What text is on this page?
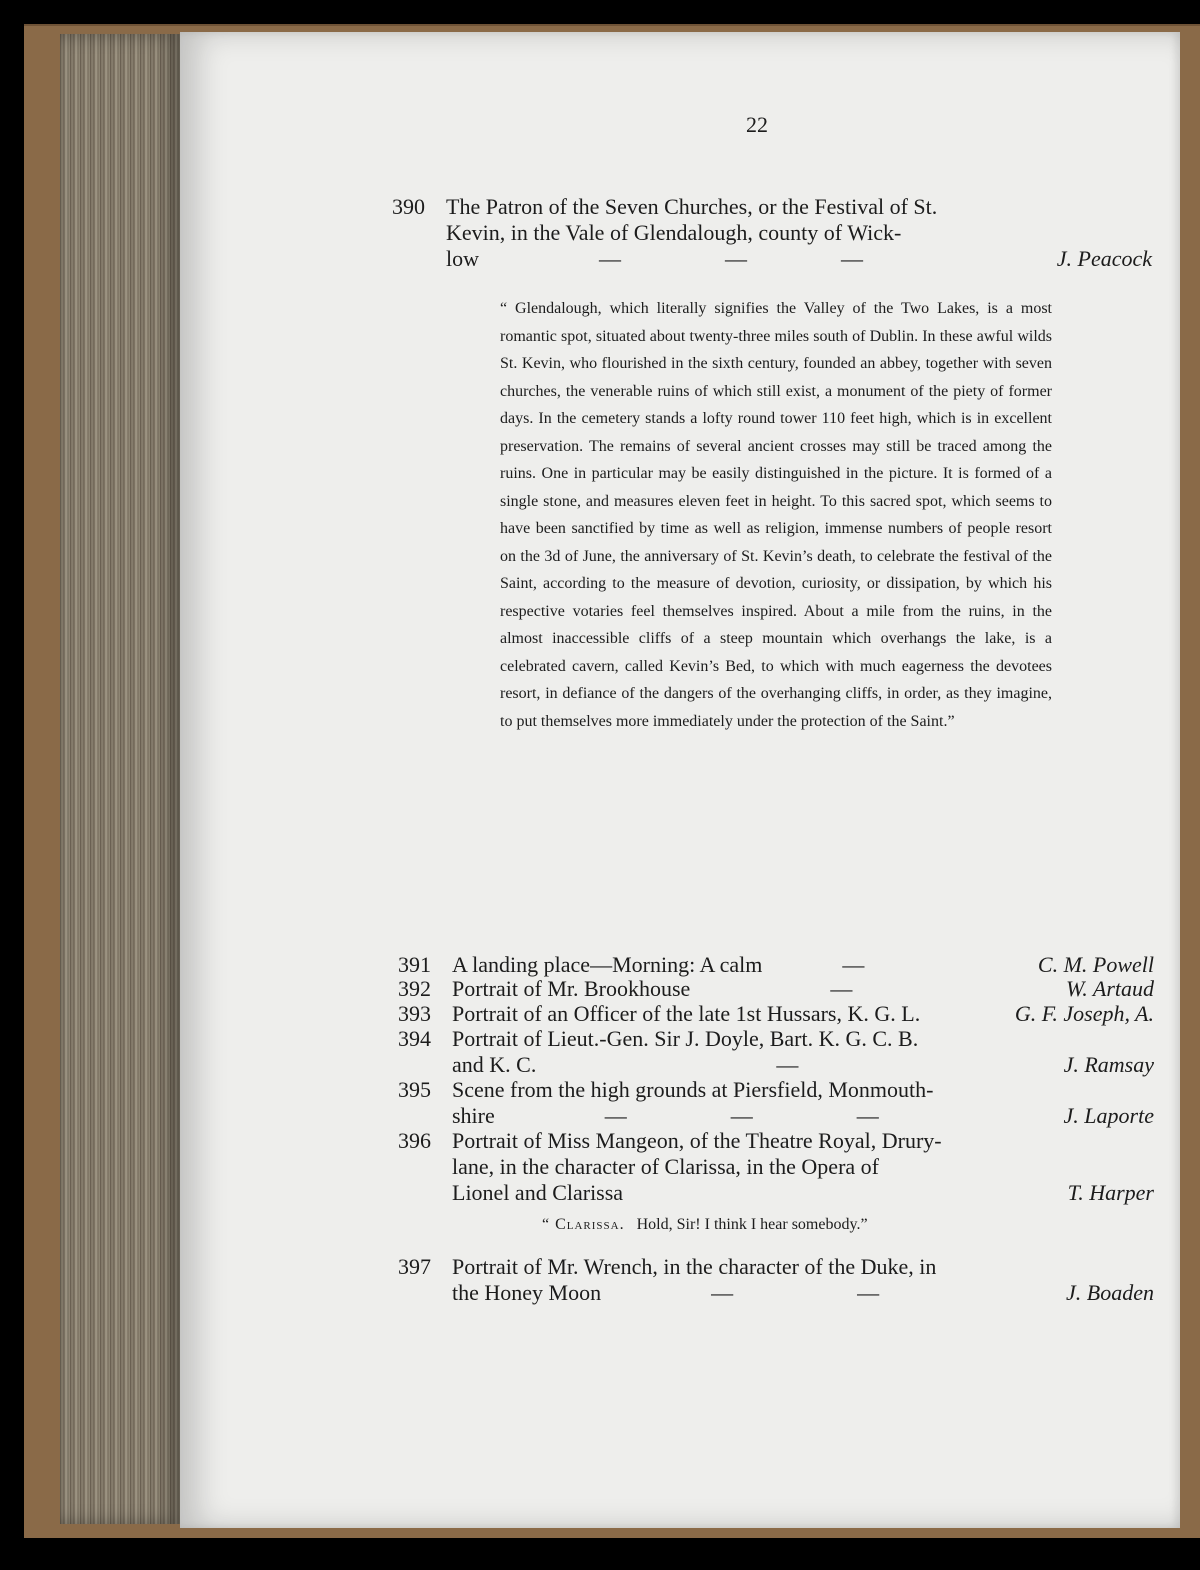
22
390 The Patron of the Seven Churches, or the Festival of St.
Kevin, in the Vale of Glendalough, county of Wick-
low	—	—	—	J. Peacock

“ Glendalough, which literally signifies the Valley of the Two Lakes, is a most romantic spot, situated about twenty-three miles south of Dublin. In these awful wilds St. Kevin, who flourished in the sixth century, founded an abbey, together with seven churches, the venerable ruins of which still exist, a monument of the piety of former days. In the cemetery stands a lofty round tower 110 feet high, which is in excellent preservation. The remains of several ancient crosses may still be traced among the ruins. One in particular may be easily distinguished in the picture. It is formed of a single stone, and measures eleven feet in height. To this sacred spot, which seems to have been sanctified by time as well as religion, immense numbers of people resort on the 3d of June, the anniversary of St. Kevin’s death, to celebrate the festival of the Saint, according to the measure of devotion, curiosity, or dissipation, by which his respective votaries feel themselves inspired. About a mile from the ruins, in the almost inaccessible cliffs of a steep mountain which overhangs the lake, is a celebrated cavern, called Kevin’s Bed, to which with much eagerness the devotees resort, in defiance of the dangers of the overhanging cliffs, in order, as they imagine, to put themselves more immediately under the protection of the Saint.”

391 A landing place—Morning: A calm	—	C. M. Powell
392 Portrait of Mr. Brookhouse	—	W. Artaud
393 Portrait of an Officer of the late 1st Hussars, K. G. L.	G. F. Joseph, A.
394 Portrait of Lieut.-Gen. Sir J. Doyle, Bart. K. G. C. B.
and K. C.	—	J. Ramsay
395 Scene from the high grounds at Piersfield, Monmouth-
shire	—	—	—	J. Laporte
396 Portrait of Miss Mangeon, of the Theatre Royal, Drury-
lane, in the character of Clarissa, in the Opera of
Lionel and Clarissa	T. Harper
“ Clarissa. Hold, Sir! I think I hear somebody.”
397 Portrait of Mr. Wrench, in the character of the Duke, in
the Honey Moon	—	—	J. Boaden
